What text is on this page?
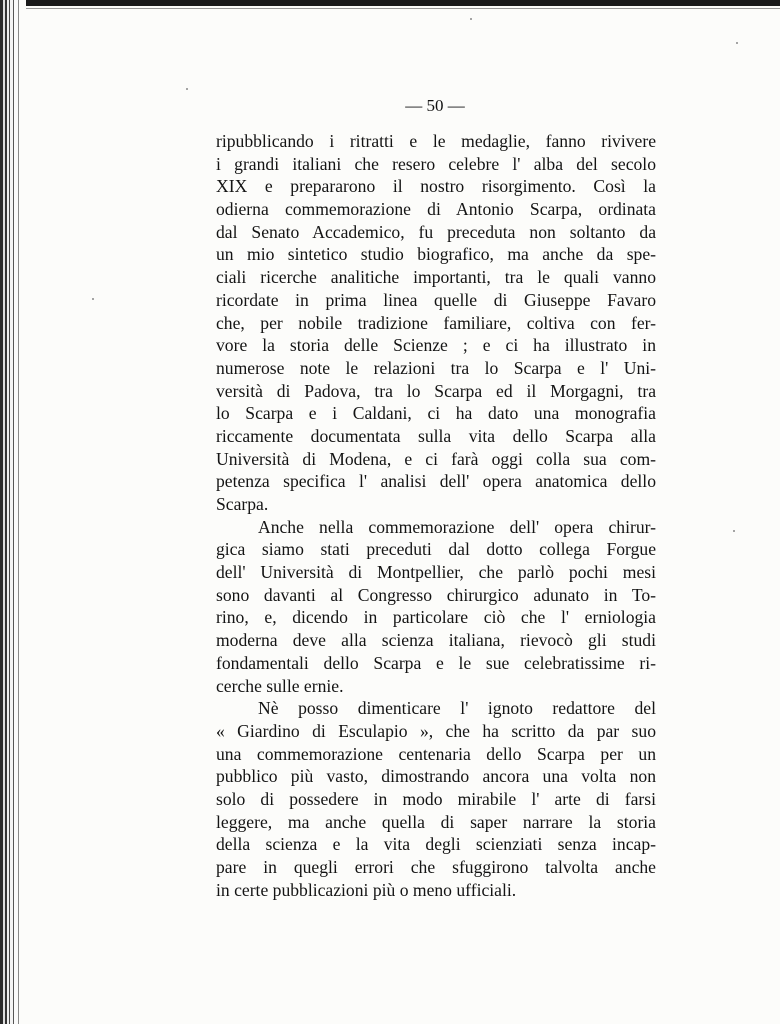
— 50 —

ripubblicando i ritratti e le medaglie, fanno rivivere
i grandi italiani che resero celebre l' alba del secolo
XIX e prepararono il nostro risorgimento. Così la
odierna commemorazione di Antonio Scarpa, ordinata
dal Senato Accademico, fu preceduta non soltanto da
un mio sintetico studio biografico, ma anche da spe-
ciali ricerche analitiche importanti, tra le quali vanno
ricordate in prima linea quelle di Giuseppe Favaro
che, per nobile tradizione familiare, coltiva con fer-
vore la storia delle Scienze ; e ci ha illustrato in
numerose note le relazioni tra lo Scarpa e l' Uni-
versità di Padova, tra lo Scarpa ed il Morgagni, tra
lo Scarpa e i Caldani, ci ha dato una monografia
riccamente documentata sulla vita dello Scarpa alla
Università di Modena, e ci farà oggi colla sua com-
petenza specifica l' analisi dell' opera anatomica dello
Scarpa.

Anche nella commemorazione dell' opera chirur-
gica siamo stati preceduti dal dotto collega Forgue
dell' Università di Montpellier, che parlò pochi mesi
sono davanti al Congresso chirurgico adunato in To-
rino, e, dicendo in particolare ciò che l' erniologia
moderna deve alla scienza italiana, rievocò gli studi
fondamentali dello Scarpa e le sue celebratissime ri-
cerche sulle ernie.

Nè posso dimenticare l' ignoto redattore del
« Giardino di Esculapio », che ha scritto da par suo
una commemorazione centenaria dello Scarpa per un
pubblico più vasto, dimostrando ancora una volta non
solo di possedere in modo mirabile l' arte di farsi
leggere, ma anche quella di saper narrare la storia
della scienza e la vita degli scienziati senza incap-
pare in quegli errori che sfuggirono talvolta anche
in certe pubblicazioni più o meno ufficiali.
